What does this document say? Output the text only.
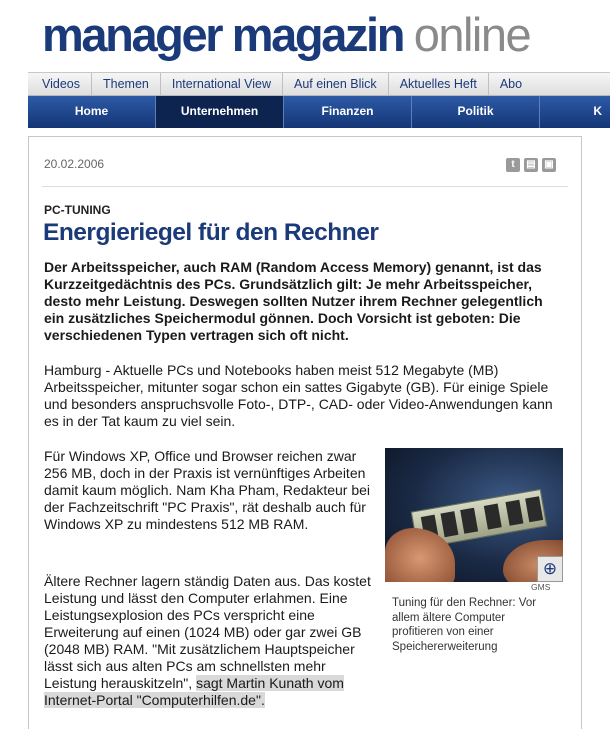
manager magazin online
Videos	Themen	International View	Auf einen Blick	Aktuelles Heft	Abo
Home	Unternehmen	Finanzen	Politik	K
20.02.2006	t	▤ ▣
PC-TUNING
Energieriegel für den Rechner
Der Arbeitsspeicher, auch RAM (Random Access Memory) genannt, ist das Kurzzeitgedächtnis des PCs. Grundsätzlich gilt: Je mehr Arbeitsspeicher, desto mehr Leistung. Deswegen sollten Nutzer ihrem Rechner gelegentlich ein zusätzliches Speichermodul gönnen. Doch Vorsicht ist geboten: Die verschiedenen Typen vertragen sich oft nicht.
Hamburg - Aktuelle PCs und Notebooks haben meist 512 Megabyte (MB) Arbeitsspeicher, mitunter sogar schon ein sattes Gigabyte (GB). Für einige Spiele und besonders anspruchsvolle Foto-, DTP-, CAD- oder Video-Anwendungen kann es in der Tat kaum zu viel sein.
Für Windows XP, Office und Browser reichen zwar 256 MB, doch in der Praxis ist vernünftiges Arbeiten damit kaum möglich. Nam Kha Pham, Redakteur bei der Fachzeitschrift "PC Praxis", rät deshalb auch für Windows XP zu mindestens 512 MB RAM.
Ältere Rechner lagern ständig Daten aus. Das kostet Leistung und lässt den Computer erlahmen. Eine Leistungsexplosion des PCs verspricht eine Erweiterung auf einen (1024 MB) oder gar zwei GB (2048 MB) RAM. "Mit zusätzlichem Hauptspeicher lässt sich aus alten PCs am schnellsten mehr Leistung herauskitzeln", sagt Martin Kunath vom Internet-Portal "Computerhilfen.de".
⊕
GMS
Tuning für den Rechner: Vor allem ältere Computer profitieren von einer Speichererweiterung
